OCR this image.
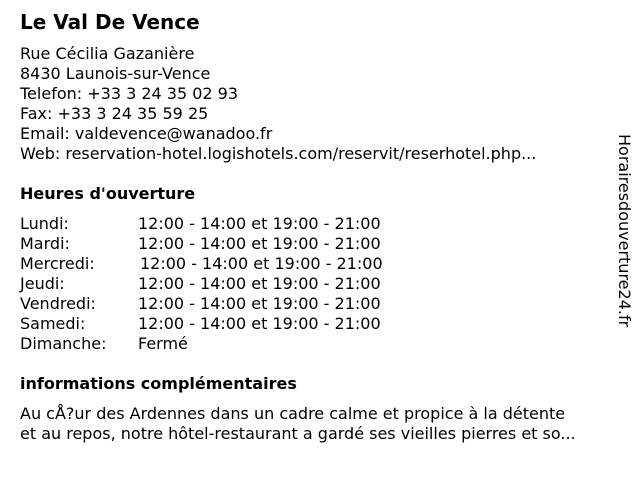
Le Val De Vence
Rue Cécilia Gazanière
8430 Launois-sur-Vence
Telefon: +33 3 24 35 02 93
Fax: +33 3 24 35 59 25
Email: valdevence@wanadoo.fr
Web: reservation-hotel.logishotels.com/reservit/reserhotel.php...
Heures d'ouverture
Lundi:	12:00 - 14:00 et 19:00 - 21:00
Mardi:	12:00 - 14:00 et 19:00 - 21:00
Mercredi:	12:00 - 14:00 et 19:00 - 21:00
Jeudi:	12:00 - 14:00 et 19:00 - 21:00
Vendredi:	12:00 - 14:00 et 19:00 - 21:00
Samedi:	12:00 - 14:00 et 19:00 - 21:00
Dimanche:	Fermé
informations complémentaires
Au cÅ?ur des Ardennes dans un cadre calme et propice à la détente
et au repos, notre hôtel-restaurant a gardé ses vieilles pierres et so...
Horairesdouverture24.fr
